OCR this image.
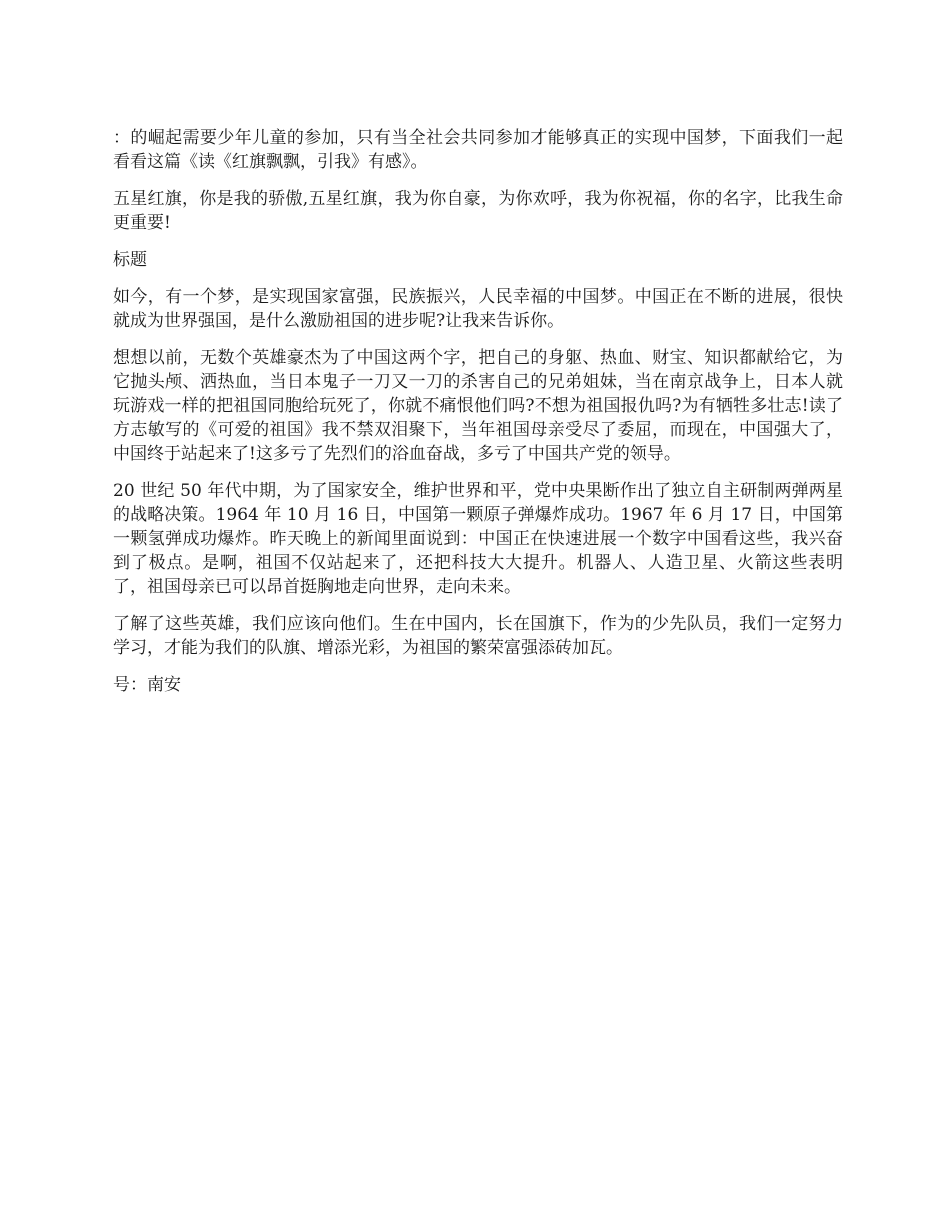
：的崛起需要少年儿童的参加，只有当全社会共同参加才能够真正的实现中国梦，下面我们一起看看这篇《读《红旗飘飘，引我》有感》。

五星红旗，你是我的骄傲,五星红旗，我为你自豪，为你欢呼，我为你祝福，你的名字，比我生命更重要!

标题

如今，有一个梦，是实现国家富强，民族振兴，人民幸福的中国梦。中国正在不断的进展，很快就成为世界强国，是什么激励祖国的进步呢?让我来告诉你。

想想以前，无数个英雄豪杰为了中国这两个字，把自己的身躯、热血、财宝、知识都献给它，为它抛头颅、洒热血，当日本鬼子一刀又一刀的杀害自己的兄弟姐妹，当在南京战争上，日本人就玩游戏一样的把祖国同胞给玩死了，你就不痛恨他们吗?不想为祖国报仇吗?为有牺牲多壮志!读了方志敏写的《可爱的祖国》我不禁双泪聚下，当年祖国母亲受尽了委屈，而现在，中国强大了，中国终于站起来了!这多亏了先烈们的浴血奋战，多亏了中国共产党的领导。

20 世纪 50 年代中期，为了国家安全，维护世界和平，党中央果断作出了独立自主研制两弹两星的战略决策。1964 年 10 月 16 日，中国第一颗原子弹爆炸成功。1967 年 6 月 17 日，中国第一颗氢弹成功爆炸。昨天晚上的新闻里面说到：中国正在快速进展一个数字中国看这些，我兴奋到了极点。是啊，祖国不仅站起来了，还把科技大大提升。机器人、人造卫星、火箭这些表明了，祖国母亲已可以昂首挺胸地走向世界，走向未来。

了解了这些英雄，我们应该向他们。生在中国内，长在国旗下，作为的少先队员，我们一定努力学习，才能为我们的队旗、增添光彩，为祖国的繁荣富强添砖加瓦。

号：南安
